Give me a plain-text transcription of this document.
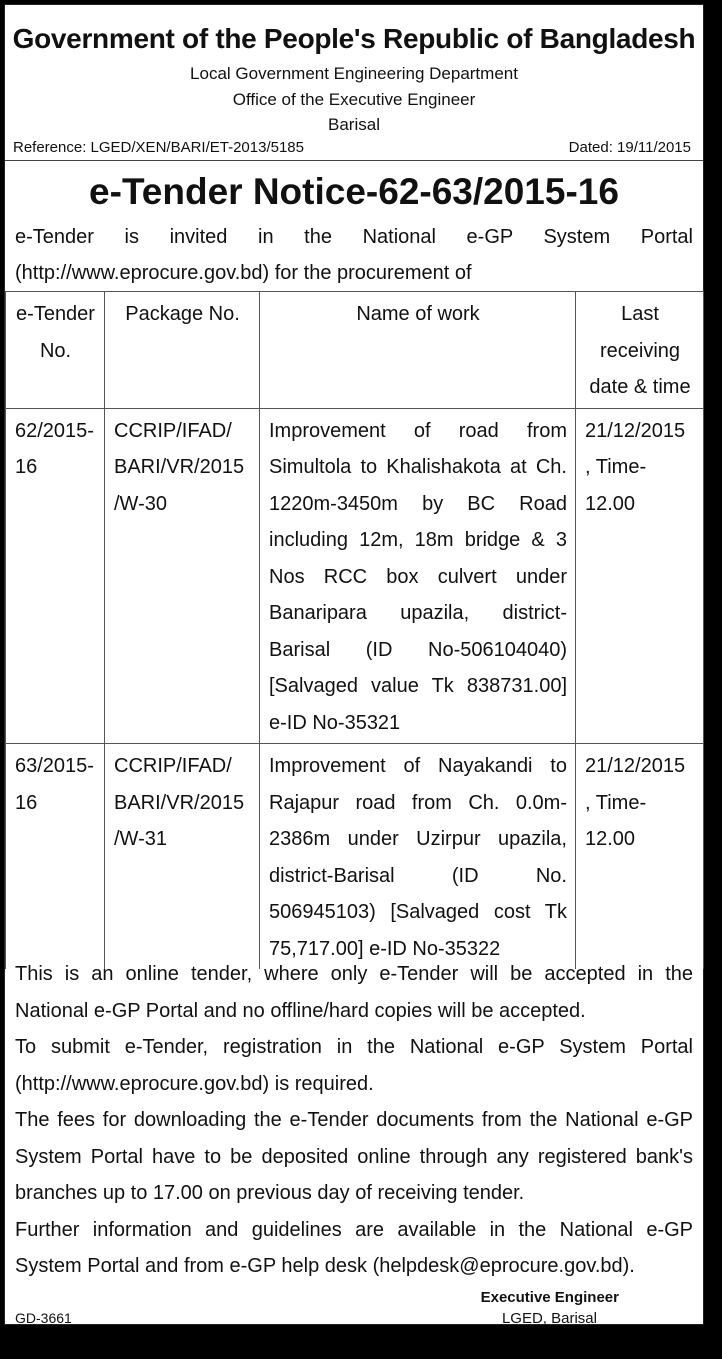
Government of the People's Republic of Bangladesh
Local Government Engineering Department
Office of the Executive Engineer
Barisal
Reference: LGED/XEN/BARI/ET-2013/5185	Dated: 19/11/2015
e-Tender Notice-62-63/2015-16
e-Tender is invited in the National e-GP System Portal
(http://www.eprocure.gov.bd) for the procurement of
e-Tender No.	Package No.	Name of work	Last receiving date & time
62/2015-16	CCRIP/IFAD/ BARI/VR/2015 /W-30	Improvement of road from Simultola to Khalishakota at Ch. 1220m-3450m by BC Road including 12m, 18m bridge & 3 Nos RCC box culvert under Banaripara upazila, district-Barisal (ID No-506104040) [Salvaged value Tk 838731.00] e-ID No-35321	21/12/2015 , Time-12.00
63/2015-16	CCRIP/IFAD/ BARI/VR/2015 /W-31	Improvement of Nayakandi to Rajapur road from Ch. 0.0m-2386m under Uzirpur upazila, district-Barisal (ID No. 506945103) [Salvaged cost Tk 75,717.00] e-ID No-35322	21/12/2015 , Time-12.00

This is an online tender, where only e-Tender will be accepted in the National e-GP Portal and no offline/hard copies will be accepted.

To submit e-Tender, registration in the National e-GP System Portal (http://www.eprocure.gov.bd) is required.

The fees for downloading the e-Tender documents from the National e-GP System Portal have to be deposited online through any registered bank's branches up to 17.00 on previous day of receiving tender.

Further information and guidelines are available in the National e-GP System Portal and from e-GP help desk (helpdesk@eprocure.gov.bd).

Executive Engineer
LGED, Barisal
GD-3661
